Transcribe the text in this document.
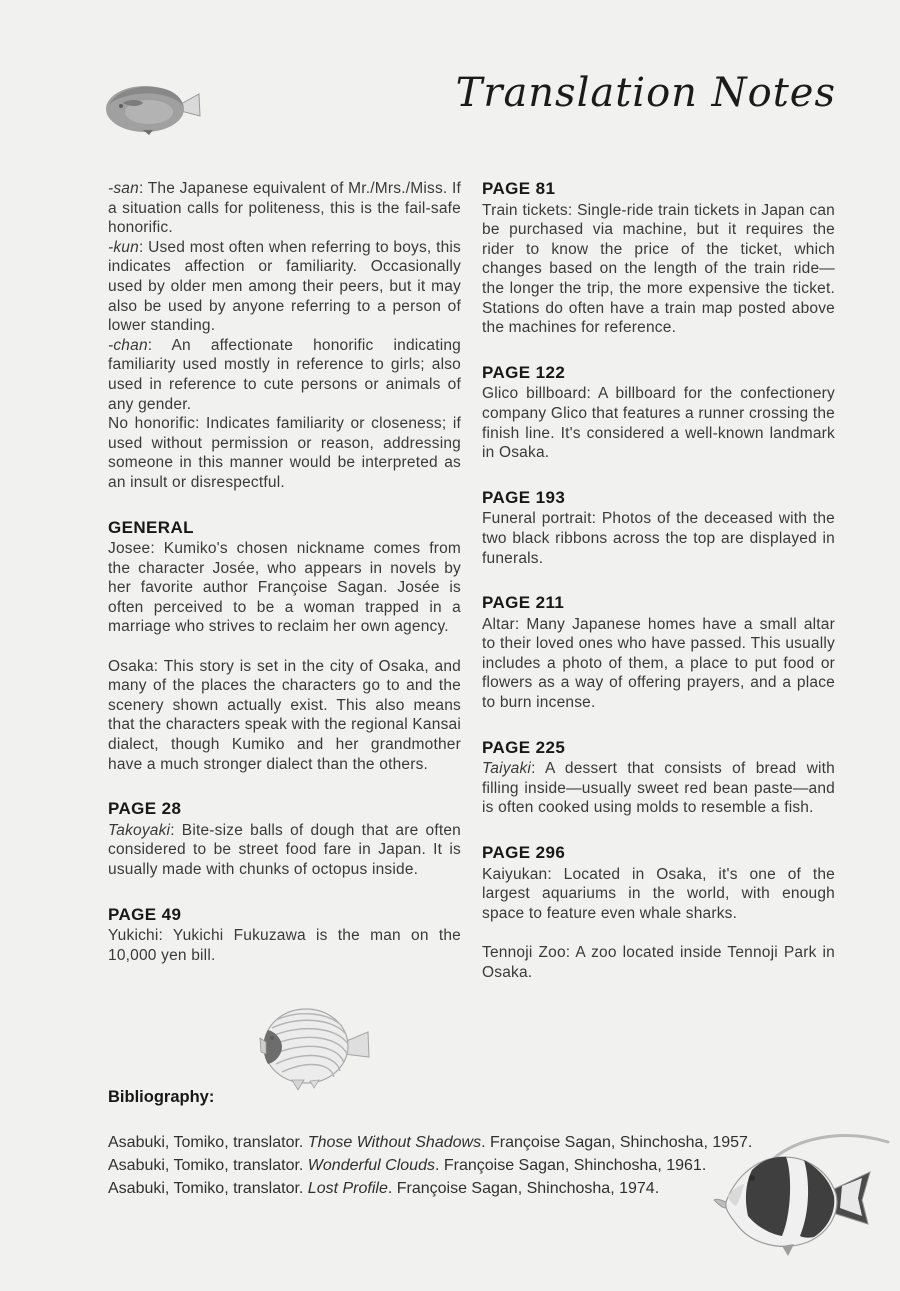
Translation Notes

-san: The Japanese equivalent of Mr./Mrs./Miss. If a situation calls for politeness, this is the fail-safe honorific.

-kun: Used most often when referring to boys, this indicates affection or familiarity. Occasionally used by older men among their peers, but it may also be used by anyone referring to a person of lower standing.

-chan: An affectionate honorific indicating familiarity used mostly in reference to girls; also used in reference to cute persons or animals of any gender.

No honorific: Indicates familiarity or closeness; if used without permission or reason, addressing someone in this manner would be interpreted as an insult or disrespectful.

GENERAL

Josee: Kumiko's chosen nickname comes from the character Josée, who appears in novels by her favorite author Françoise Sagan. Josée is often perceived to be a woman trapped in a marriage who strives to reclaim her own agency.

Osaka: This story is set in the city of Osaka, and many of the places the characters go to and the scenery shown actually exist. This also means that the characters speak with the regional Kansai dialect, though Kumiko and her grandmother have a much stronger dialect than the others.

PAGE 28

Takoyaki: Bite-size balls of dough that are often considered to be street food fare in Japan. It is usually made with chunks of octopus inside.

PAGE 49

Yukichi: Yukichi Fukuzawa is the man on the 10,000 yen bill.

PAGE 81

Train tickets: Single-ride train tickets in Japan can be purchased via machine, but it requires the rider to know the price of the ticket, which changes based on the length of the train ride—the longer the trip, the more expensive the ticket. Stations do often have a train map posted above the machines for reference.

PAGE 122

Glico billboard: A billboard for the confectionery company Glico that features a runner crossing the finish line. It's considered a well-known landmark in Osaka.

PAGE 193

Funeral portrait: Photos of the deceased with the two black ribbons across the top are displayed in funerals.

PAGE 211

Altar: Many Japanese homes have a small altar to their loved ones who have passed. This usually includes a photo of them, a place to put food or flowers as a way of offering prayers, and a place to burn incense.

PAGE 225

Taiyaki: A dessert that consists of bread with filling inside—usually sweet red bean paste—and is often cooked using molds to resemble a fish.

PAGE 296

Kaiyukan: Located in Osaka, it's one of the largest aquariums in the world, with enough space to feature even whale sharks.

Tennoji Zoo: A zoo located inside Tennoji Park in Osaka.

Bibliography:

Asabuki, Tomiko, translator. Those Without Shadows. Françoise Sagan, Shinchosha, 1957.

Asabuki, Tomiko, translator. Wonderful Clouds. Françoise Sagan, Shinchosha, 1961.

Asabuki, Tomiko, translator. Lost Profile. Françoise Sagan, Shinchosha, 1974.
